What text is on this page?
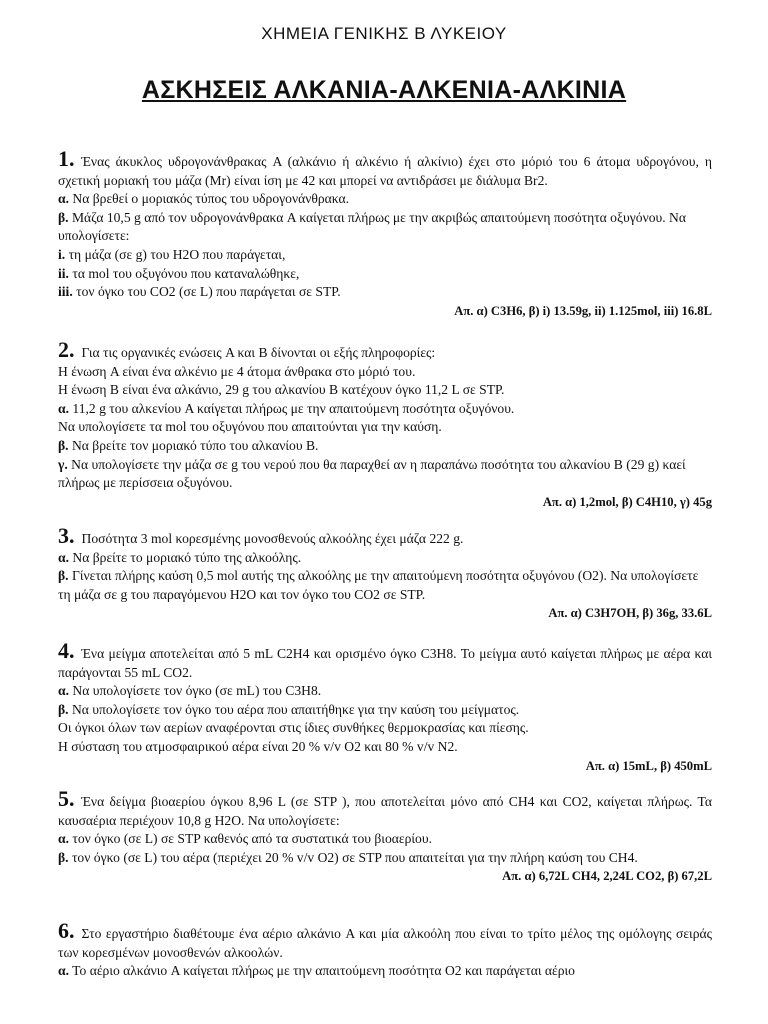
ΧΗΜΕΙΑ ΓΕΝΙΚΗΣ Β ΛΥΚΕΙΟΥ
ΑΣΚΗΣΕΙΣ ΑΛΚΑΝΙΑ-ΑΛΚΕΝΙΑ-ΑΛΚΙΝΙΑ

1. Ένας άκυκλος υδρογονάνθρακας A (αλκάνιο ή αλκένιο ή αλκίνιο) έχει στο μόριό του 6 άτομα υδρογόνου, η σχετική μοριακή του μάζα (Mr) είναι ίση με 42 και μπορεί να αντιδράσει με διάλυμα Br2.

α. Να βρεθεί ο μοριακός τύπος του υδρογονάνθρακα.

β. Μάζα 10,5 g από τον υδρογονάνθρακα A καίγεται πλήρως με την ακριβώς απαιτούμενη ποσότητα οξυγόνου. Να υπολογίσετε:

i. τη μάζα (σε g) του H2O που παράγεται,

ii. τα mol του οξυγόνου που καταναλώθηκε,

iii. τον όγκο του CO2 (σε L) που παράγεται σε STP.

Απ. α) C3H6, β) i) 13.59g, ii) 1.125mol, iii) 16.8L

2. Για τις οργανικές ενώσεις A και B δίνονται οι εξής πληροφορίες:

Η ένωση A είναι ένα αλκένιο με 4 άτομα άνθρακα στο μόριό του.

Η ένωση B είναι ένα αλκάνιο, 29 g του αλκανίου B κατέχουν όγκο 11,2 L σε STP.

α. 11,2 g του αλκενίου A καίγεται πλήρως με την απαιτούμενη ποσότητα οξυγόνου.

Να υπολογίσετε τα mol του οξυγόνου που απαιτούνται για την καύση.

β. Να βρείτε τον μοριακό τύπο του αλκανίου B.

γ. Να υπολογίσετε την μάζα σε g του νερού που θα παραχθεί αν η παραπάνω ποσότητα του αλκανίου B (29 g) καεί πλήρως με περίσσεια οξυγόνου.

Απ. α) 1,2mol, β) C4H10, γ) 45g

3. Ποσότητα 3 mol κορεσμένης μονοσθενούς αλκοόλης έχει μάζα 222 g.

α. Να βρείτε το μοριακό τύπο της αλκοόλης.

β. Γίνεται πλήρης καύση 0,5 mol αυτής της αλκοόλης με την απαιτούμενη ποσότητα οξυγόνου (O2). Να υπολογίσετε τη μάζα σε g του παραγόμενου H2O και τον όγκο του CO2 σε STP.

Απ. α) C3H7OH, β) 36g, 33.6L

4. Ένα μείγμα αποτελείται από 5 mL C2H4 και ορισμένο όγκο C3H8. Το μείγμα αυτό καίγεται πλήρως με αέρα και παράγονται 55 mL CO2.

α. Να υπολογίσετε τον όγκο (σε mL) του C3H8.

β. Να υπολογίσετε τον όγκο του αέρα που απαιτήθηκε για την καύση του μείγματος.

Οι όγκοι όλων των αερίων αναφέρονται στις ίδιες συνθήκες θερμοκρασίας και πίεσης.

Η σύσταση του ατμοσφαιρικού αέρα είναι 20 % v/v O2 και 80 % v/v N2.

Απ. α) 15mL, β) 450mL

5. Ένα δείγμα βιοαερίου όγκου 8,96 L (σε STP ), που αποτελείται μόνο από CH4 και CO2, καίγεται πλήρως. Τα καυσαέρια περιέχουν 10,8 g H2O. Να υπολογίσετε:

α. τον όγκο (σε L) σε STP καθενός από τα συστατικά του βιοαερίου.

β. τον όγκο (σε L) του αέρα (περιέχει 20 % v/v O2) σε STP που απαιτείται για την πλήρη καύση του CH4.

Απ. α) 6,72L CH4, 2,24L CO2, β) 67,2L

6. Στο εργαστήριο διαθέτουμε ένα αέριο αλκάνιο A και μία αλκοόλη που είναι το τρίτο μέλος της ομόλογης σειράς των κορεσμένων μονοσθενών αλκοολών.

α. Το αέριο αλκάνιο A καίγεται πλήρως με την απαιτούμενη ποσότητα O2 και παράγεται αέριο
